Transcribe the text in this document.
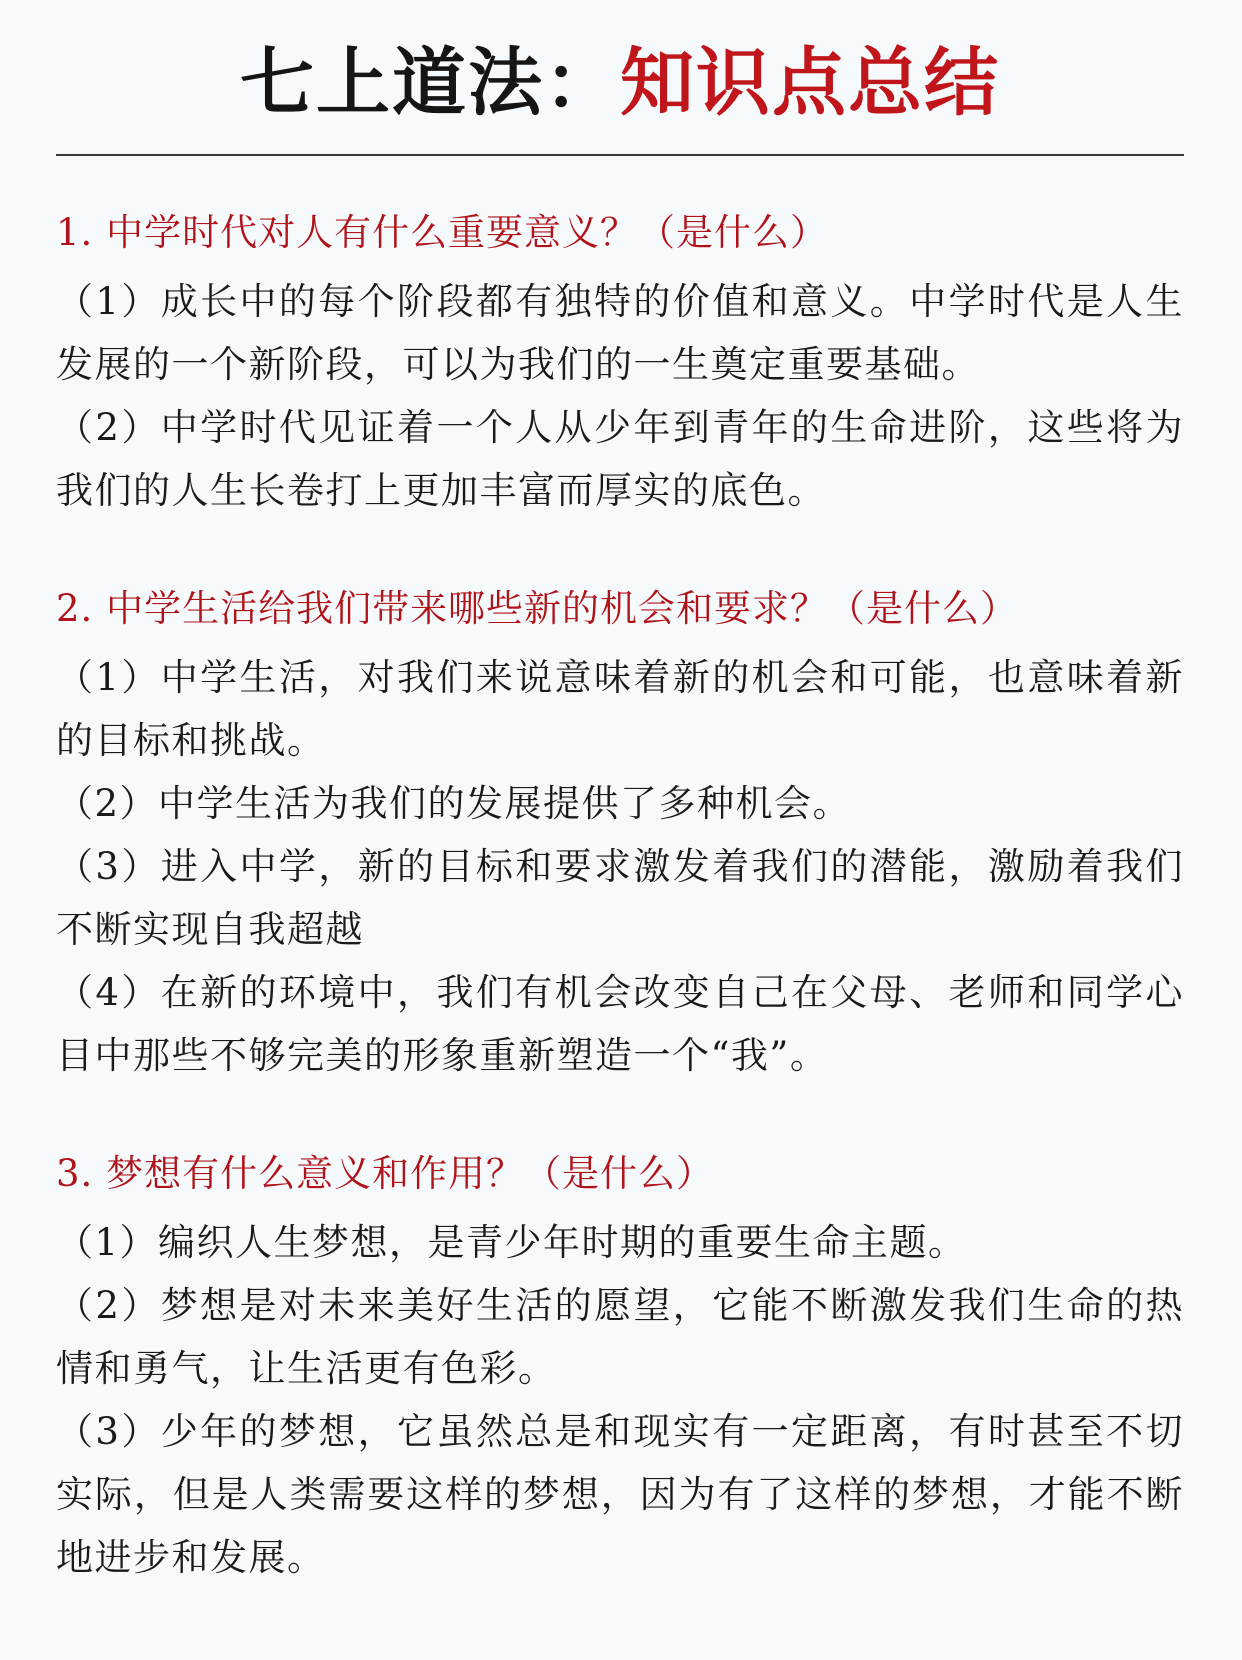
七上道法：知识点总结
1. 中学时代对人有什么重要意义？（是什么）
（1）成长中的每个阶段都有独特的价值和意义。中学时代是人生发展的一个新阶段，可以为我们的一生奠定重要基础。
（2）中学时代见证着一个人从少年到青年的生命进阶，这些将为我们的人生长卷打上更加丰富而厚实的底色。
2. 中学生活给我们带来哪些新的机会和要求？（是什么）
（1）中学生活，对我们来说意味着新的机会和可能，也意味着新的目标和挑战。
（2）中学生活为我们的发展提供了多种机会。
（3）进入中学，新的目标和要求激发着我们的潜能，激励着我们不断实现自我超越
（4）在新的环境中，我们有机会改变自己在父母、老师和同学心目中那些不够完美的形象重新塑造一个“我”。
3. 梦想有什么意义和作用？（是什么）
（1）编织人生梦想，是青少年时期的重要生命主题。
（2）梦想是对未来美好生活的愿望，它能不断激发我们生命的热情和勇气，让生活更有色彩。
（3）少年的梦想，它虽然总是和现实有一定距离，有时甚至不切实际，但是人类需要这样的梦想，因为有了这样的梦想，才能不断地进步和发展。
